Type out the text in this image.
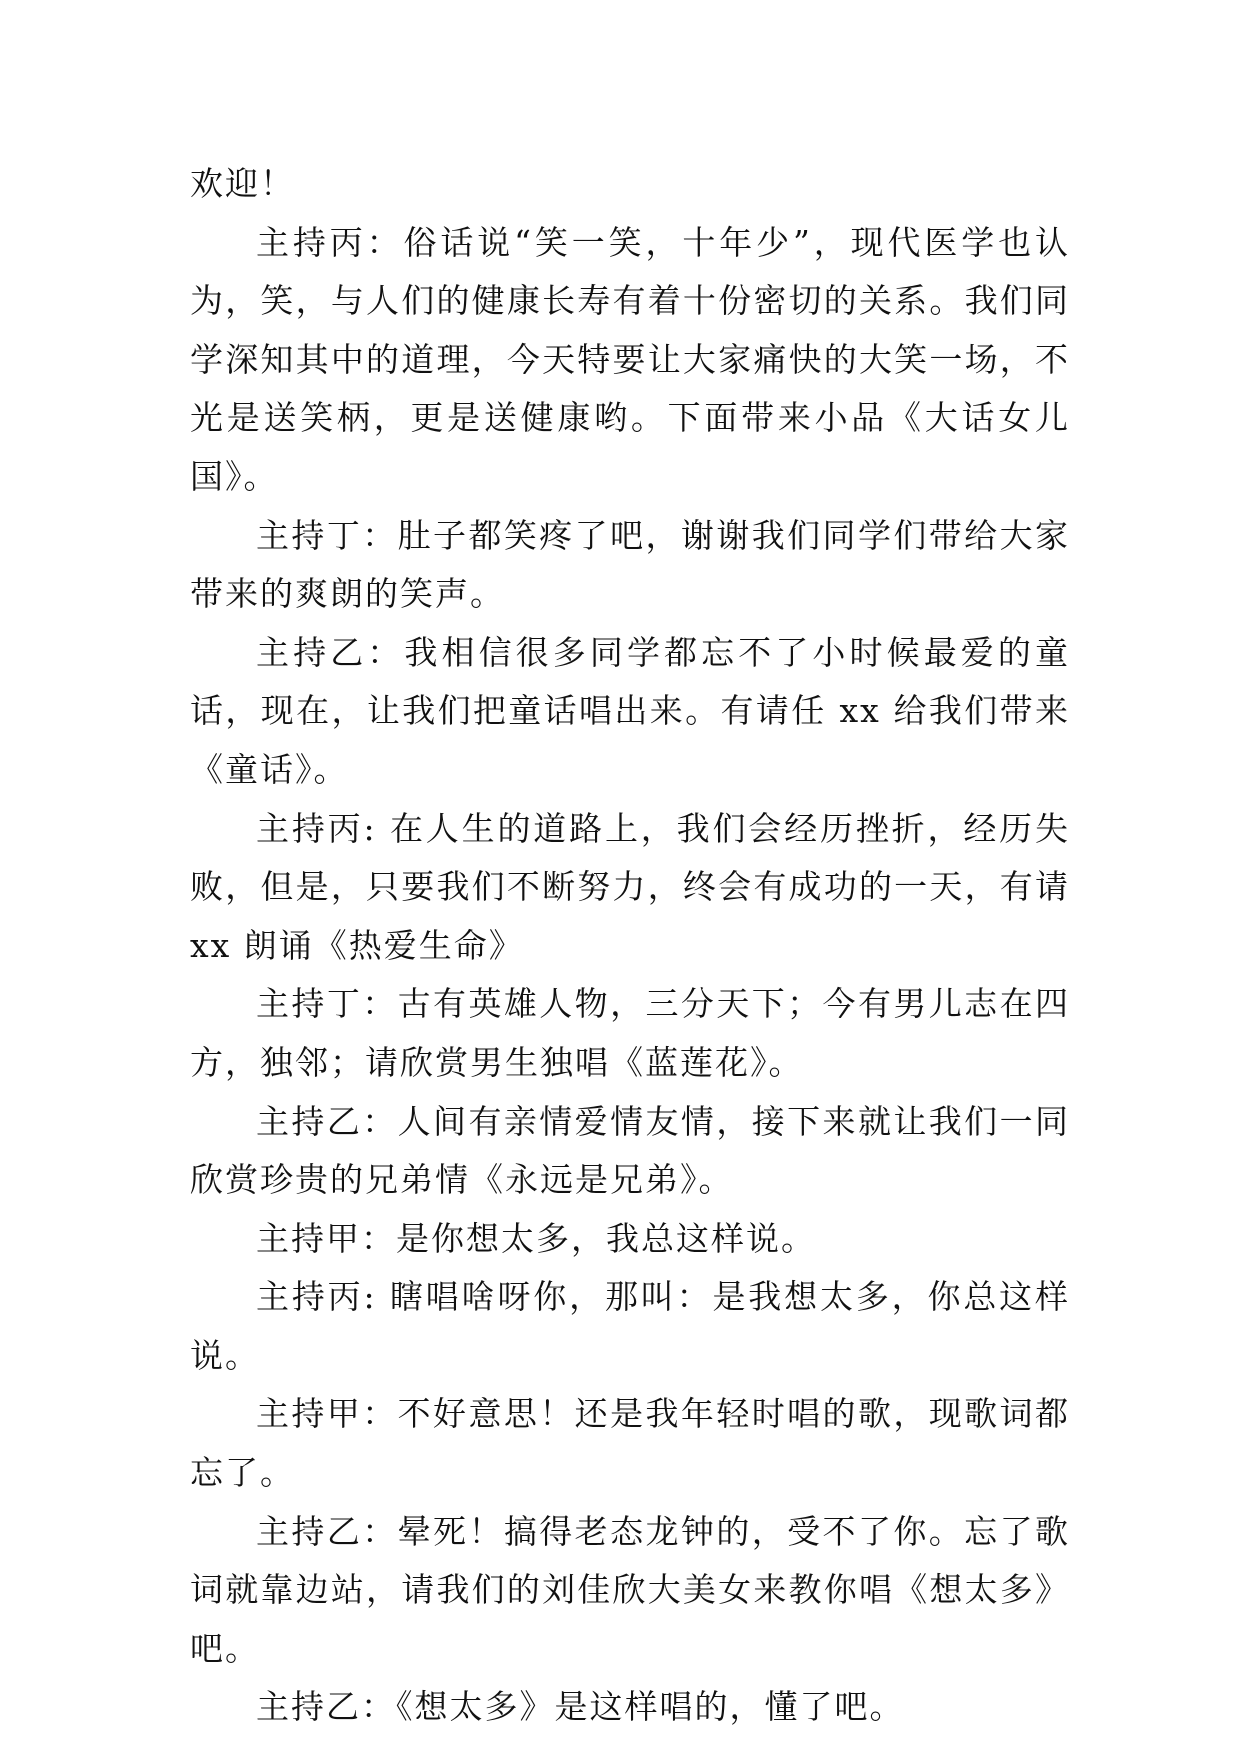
欢迎！

主持丙：俗话说“笑一笑，十年少”，现代医学也认为，笑，与人们的健康长寿有着十份密切的关系。我们同学深知其中的道理，今天特要让大家痛快的大笑一场，不光是送笑柄，更是送健康哟。下面带来小品《大话女儿国》。

主持丁：肚子都笑疼了吧，谢谢我们同学们带给大家带来的爽朗的笑声。

主持乙：我相信很多同学都忘不了小时候最爱的童话，现在，让我们把童话唱出来。有请任 xx 给我们带来《童话》。

主持丙: 在人生的道路上，我们会经历挫折，经历失败，但是，只要我们不断努力，终会有成功的一天，有请 xx 朗诵《热爱生命》

主持丁：古有英雄人物，三分天下；今有男儿志在四方，独邻；请欣赏男生独唱《蓝莲花》。

主持乙：人间有亲情爱情友情，接下来就让我们一同欣赏珍贵的兄弟情《永远是兄弟》。

主持甲：是你想太多，我总这样说。

主持丙: 瞎唱啥呀你，那叫：是我想太多，你总这样说。

主持甲：不好意思！还是我年轻时唱的歌，现歌词都忘了。

主持乙：晕死！搞得老态龙钟的，受不了你。忘了歌词就靠边站，请我们的刘佳欣大美女来教你唱《想太多》吧。

主持乙：《想太多》是这样唱的，懂了吧。
